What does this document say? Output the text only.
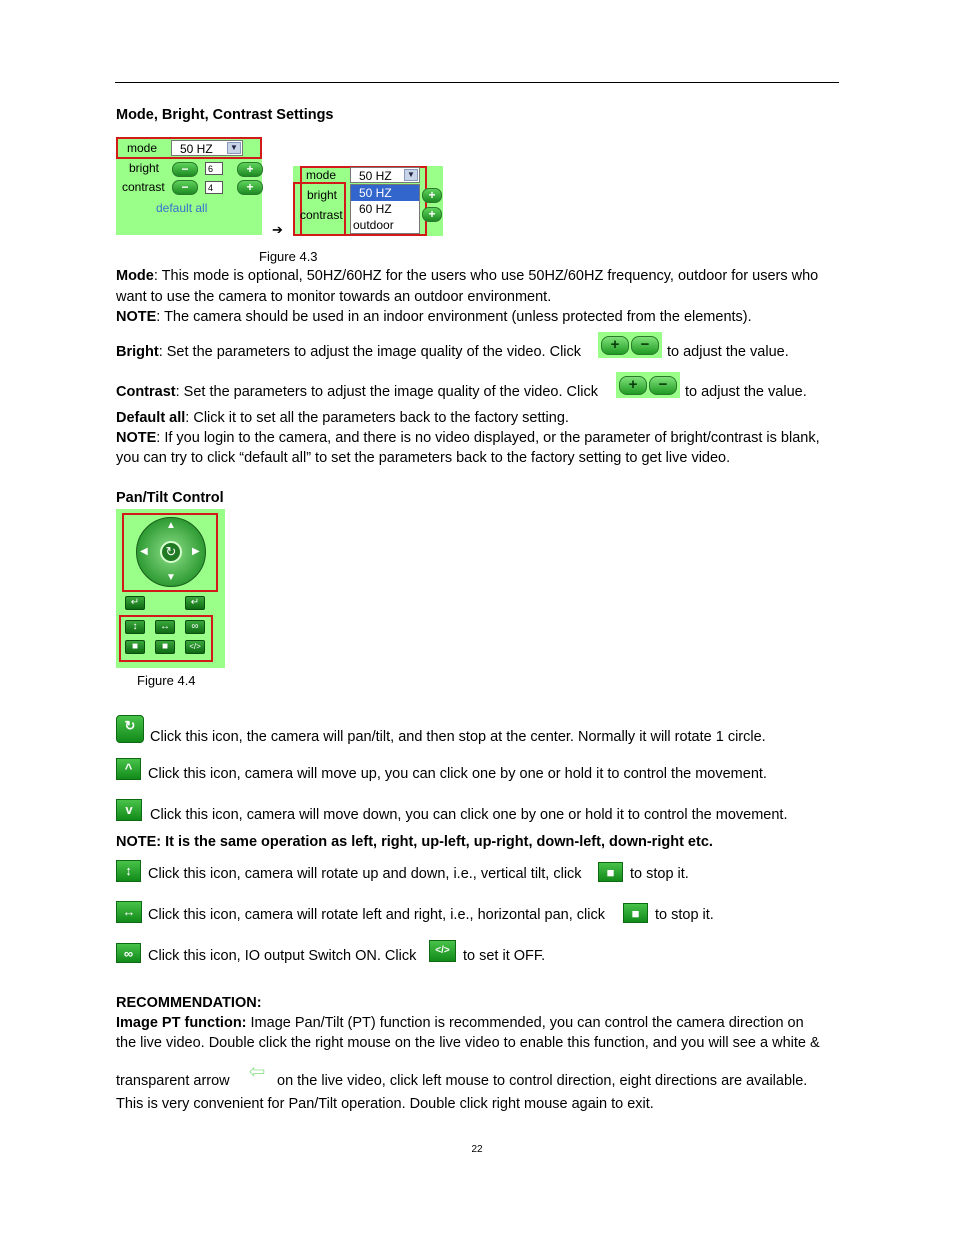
Mode, Bright, Contrast Settings
mode	50 HZ	▼
bright	−	6	+
contrast	−	4	+
default all
➔
mode	50 HZ	▼
bright
contrast
50 HZ
60 HZ
outdoor
+
+
Figure 4.3
Mode: This mode is optional, 50HZ/60HZ for the users who use 50HZ/60HZ frequency, outdoor for users who
want to use the camera to monitor towards an outdoor environment.
NOTE: The camera should be used in an indoor environment (unless protected from the elements).
Bright: Set the parameters to adjust the image quality of the video. Click	+	−	to adjust the value.
Contrast: Set the parameters to adjust the image quality of the video. Click	+	−	to adjust the value.
Default all: Click it to set all the parameters back to the factory setting.
NOTE: If you login to the camera, and there is no video displayed, or the parameter of bright/contrast is blank,
you can try to click “default all” to set the parameters back to the factory setting to get live video.
Pan/Tilt Control
↻
▲
▼
◀	▶
↵	↵
↕	↔	∞
■	■	</>
Figure 4.4
↻
Click this icon, the camera will pan/tilt, and then stop at the center. Normally it will rotate 1 circle.
^	Click this icon, camera will move up, you can click one by one or hold it to control the movement.
v	Click this icon, camera will move down, you can click one by one or hold it to control the movement.
NOTE: It is the same operation as left, right, up-left, up-right, down-left, down-right etc.
↕	Click this icon, camera will rotate up and down, i.e., vertical tilt, click	■	to stop it.
↔ Click this icon, camera will rotate left and right, i.e., horizontal pan, click	■	to stop it.
∞	Click this icon, IO output Switch ON. Click	</> to set it OFF.
RECOMMENDATION:
Image PT function: Image Pan/Tilt (PT) function is recommended, you can control the camera direction on
the live video. Double click the right mouse on the live video to enable this function, and you will see a white &
transparent arrow ⇦ on the live video, click left mouse to control direction, eight directions are available.
This is very convenient for Pan/Tilt operation. Double click right mouse again to exit.
22
